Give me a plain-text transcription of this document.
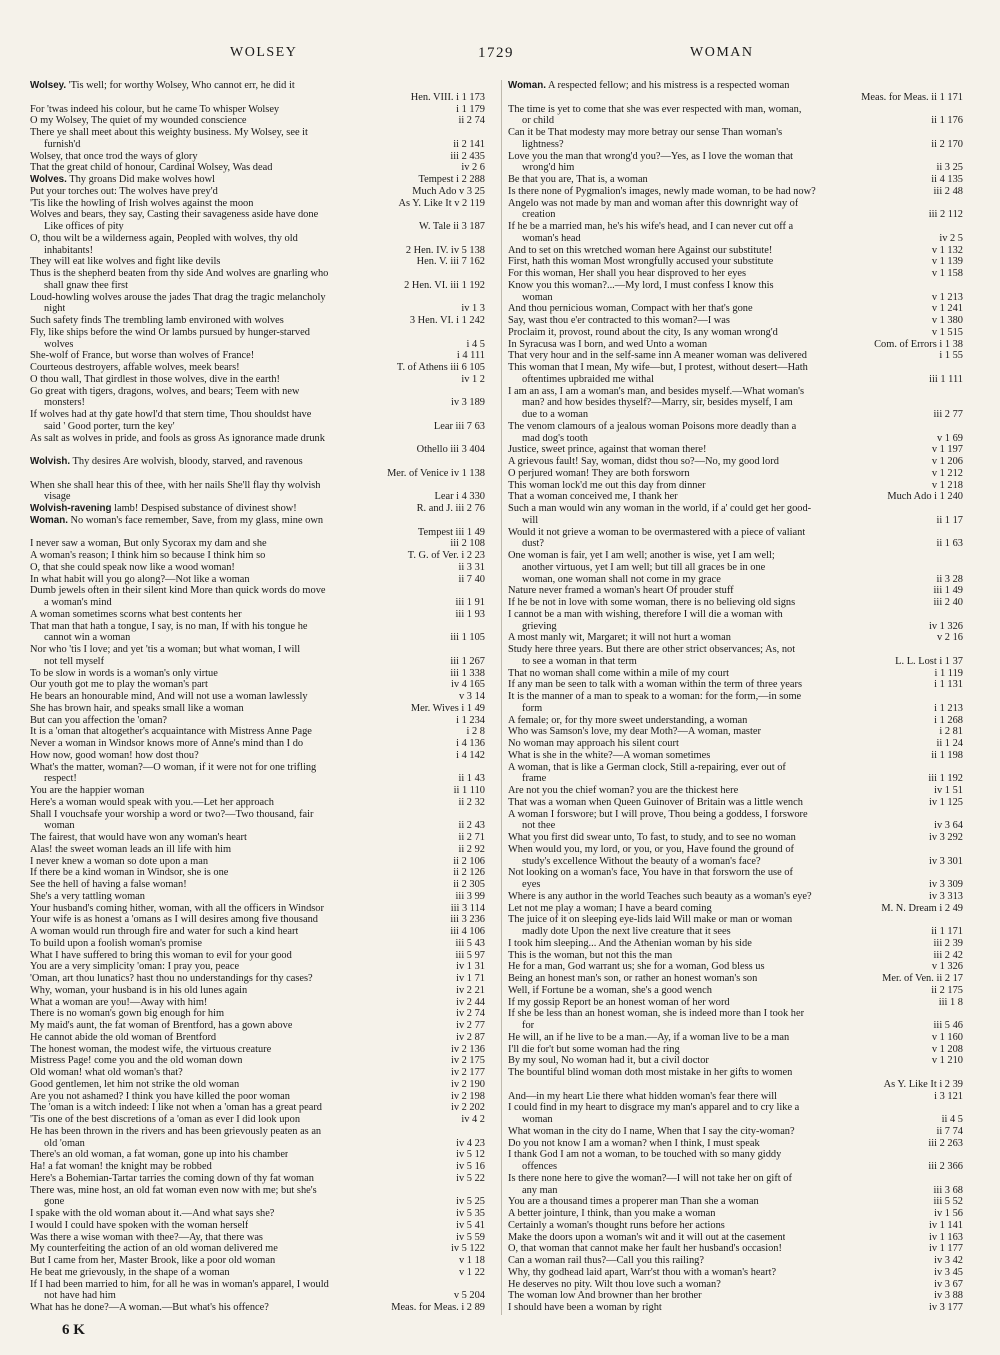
WOLSEY	1729	WOMAN
Wolsey. 'Tis well; for worthy Wolsey, Who cannot err, he did it
Hen. VIII. i 1 173
For 'twas indeed his colour, but he came To whisper Wolsey	i 1 179
O my Wolsey, The quiet of my wounded conscience	ii 2 74
There ye shall meet about this weighty business. My Wolsey, see it
furnish'd	ii 2 141
Wolsey, that once trod the ways of glory	iii 2 435
That the great child of honour, Cardinal Wolsey, Was dead	iv 2 6
Wolves. Thy groans Did make wolves howl	Tempest i 2 288
Put your torches out: The wolves have prey'd	Much Ado v 3 25
'Tis like the howling of Irish wolves against the moon	As Y. Like It v 2 119
Wolves and bears, they say, Casting their savageness aside have done
Like offices of pity	W. Tale ii 3 187
O, thou wilt be a wilderness again, Peopled with wolves, thy old
inhabitants!	2 Hen. IV. iv 5 138
They will eat like wolves and fight like devils	Hen. V. iii 7 162
Thus is the shepherd beaten from thy side And wolves are gnarling who
shall gnaw thee first	2 Hen. VI. iii 1 192
Loud-howling wolves arouse the jades That drag the tragic melancholy
night	iv 1 3
Such safety finds The trembling lamb environed with wolves	3 Hen. VI. i 1 242
Fly, like ships before the wind Or lambs pursued by hunger-starved
wolves	i 4 5
She-wolf of France, but worse than wolves of France!	i 4 111
Courteous destroyers, affable wolves, meek bears!	T. of Athens iii 6 105
O thou wall, That girdlest in those wolves, dive in the earth!	iv 1 2
Go great with tigers, dragons, wolves, and bears; Teem with new
monsters!	iv 3 189
If wolves had at thy gate howl'd that stern time, Thou shouldst have
said ' Good porter, turn the key'	Lear iii 7 63
As salt as wolves in pride, and fools as gross As ignorance made drunk
Othello iii 3 404
Wolvish. Thy desires Are wolvish, bloody, starved, and ravenous
Mer. of Venice iv 1 138
When she shall hear this of thee, with her nails She'll flay thy wolvish
visage	Lear i 4 330
Wolvish-ravening lamb! Despised substance of divinest show!	R. and J. iii 2 76
Woman. No woman's face remember, Save, from my glass, mine own
Tempest iii 1 49
I never saw a woman, But only Sycorax my dam and she	iii 2 108
A woman's reason; I think him so because I think him so	T. G. of Ver. i 2 23
O, that she could speak now like a wood woman!	ii 3 31
In what habit will you go along?—Not like a woman	ii 7 40
Dumb jewels often in their silent kind More than quick words do move
a woman's mind	iii 1 91
A woman sometimes scorns what best contents her	iii 1 93
That man that hath a tongue, I say, is no man, If with his tongue he
cannot win a woman	iii 1 105
Nor who 'tis I love; and yet 'tis a woman; but what woman, I will
not tell myself	iii 1 267
To be slow in words is a woman's only virtue	iii 1 338
Our youth got me to play the woman's part	iv 4 165
He bears an honourable mind, And will not use a woman lawlessly	v 3 14
She has brown hair, and speaks small like a woman	Mer. Wives i 1 49
But can you affection the 'oman?	i 1 234
It is a 'oman that altogether's acquaintance with Mistress Anne Page	i 2 8
Never a woman in Windsor knows more of Anne's mind than I do	i 4 136
How now, good woman! how dost thou?	i 4 142
What's the matter, woman?—O woman, if it were not for one trifling
respect!	ii 1 43
You are the happier woman	ii 1 110
Here's a woman would speak with you.—Let her approach	ii 2 32
Shall I vouchsafe your worship a word or two?—Two thousand, fair
woman	ii 2 43
The fairest, that would have won any woman's heart	ii 2 71
Alas! the sweet woman leads an ill life with him	ii 2 92
I never knew a woman so dote upon a man	ii 2 106
If there be a kind woman in Windsor, she is one	ii 2 126
See the hell of having a false woman!	ii 2 305
She's a very tattling woman	iii 3 99
Your husband's coming hither, woman, with all the officers in Windsor	iii 3 114
Your wife is as honest a 'omans as I will desires among five thousand	iii 3 236
A woman would run through fire and water for such a kind heart	iii 4 106
To build upon a foolish woman's promise	iii 5 43
What I have suffered to bring this woman to evil for your good	iii 5 97
You are a very simplicity 'oman: I pray you, peace	iv 1 31
'Oman, art thou lunatics? hast thou no understandings for thy cases?	iv 1 71
Why, woman, your husband is in his old lunes again	iv 2 21
What a woman are you!—Away with him!	iv 2 44
There is no woman's gown big enough for him	iv 2 74
My maid's aunt, the fat woman of Brentford, has a gown above	iv 2 77
He cannot abide the old woman of Brentford	iv 2 87
The honest woman, the modest wife, the virtuous creature	iv 2 136
Mistress Page! come you and the old woman down	iv 2 175
Old woman! what old woman's that?	iv 2 177
Good gentlemen, let him not strike the old woman	iv 2 190
Are you not ashamed? I think you have killed the poor woman	iv 2 198
The 'oman is a witch indeed: I like not when a 'oman has a great peard	iv 2 202
'Tis one of the best discretions of a 'oman as ever I did look upon	iv 4 2
He has been thrown in the rivers and has been grievously peaten as an
old 'oman	iv 4 23
There's an old woman, a fat woman, gone up into his chamber	iv 5 12
Ha! a fat woman! the knight may be robbed	iv 5 16
Here's a Bohemian-Tartar tarries the coming down of thy fat woman	iv 5 22
There was, mine host, an old fat woman even now with me; but she's
gone	iv 5 25
I spake with the old woman about it.—And what says she?	iv 5 35
I would I could have spoken with the woman herself	iv 5 41
Was there a wise woman with thee?—Ay, that there was	iv 5 59
My counterfeiting the action of an old woman delivered me	iv 5 122
But I came from her, Master Brook, like a poor old woman	v 1 18
He beat me grievously, in the shape of a woman	v 1 22
If I had been married to him, for all he was in woman's apparel, I would
not have had him	v 5 204
What has he done?—A woman.—But what's his offence?	Meas. for Meas. i 2 89
Woman. A respected fellow; and his mistress is a respected woman
Meas. for Meas. ii 1 171
The time is yet to come that she was ever respected with man, woman,
or child	ii 1 176
Can it be That modesty may more betray our sense Than woman's
lightness?	ii 2 170
Love you the man that wrong'd you?—Yes, as I love the woman that
wrong'd him	ii 3 25
Be that you are, That is, a woman	ii 4 135
Is there none of Pygmalion's images, newly made woman, to be had now?	iii 2 48
Angelo was not made by man and woman after this downright way of
creation	iii 2 112
If he be a married man, he's his wife's head, and I can never cut off a
woman's head	iv 2 5
And to set on this wretched woman here Against our substitute!	v 1 132
First, hath this woman Most wrongfully accused your substitute	v 1 139
For this woman, Her shall you hear disproved to her eyes	v 1 158
Know you this woman?...—My lord, I must confess I know this
woman	v 1 213
And thou pernicious woman, Compact with her that's gone	v 1 241
Say, wast thou e'er contracted to this woman?—I was	v 1 380
Proclaim it, provost, round about the city, Is any woman wrong'd	v 1 515
In Syracusa was I born, and wed Unto a woman	Com. of Errors i 1 38
That very hour and in the self-same inn A meaner woman was delivered	i 1 55
This woman that I mean, My wife—but, I protest, without desert—Hath
oftentimes upbraided me withal	iii 1 111
I am an ass, I am a woman's man, and besides myself.—What woman's
man? and how besides thyself?—Marry, sir, besides myself, I am
due to a woman	iii 2 77
The venom clamours of a jealous woman Poisons more deadly than a
mad dog's tooth	v 1 69
Justice, sweet prince, against that woman there!	v 1 197
A grievous fault! Say, woman, didst thou so?—No, my good lord	v 1 206
O perjured woman! They are both forsworn	v 1 212
This woman lock'd me out this day from dinner	v 1 218
That a woman conceived me, I thank her	Much Ado i 1 240
Such a man would win any woman in the world, if a' could get her good-
will	ii 1 17
Would it not grieve a woman to be overmastered with a piece of valiant
dust?	ii 1 63
One woman is fair, yet I am well; another is wise, yet I am well;
another virtuous, yet I am well; but till all graces be in one
woman, one woman shall not come in my grace	ii 3 28
Nature never framed a woman's heart Of prouder stuff	iii 1 49
If he be not in love with some woman, there is no believing old signs	iii 2 40
I cannot be a man with wishing, therefore I will die a woman with
grieving	iv 1 326
A most manly wit, Margaret; it will not hurt a woman	v 2 16
Study here three years. But there are other strict observances; As, not
to see a woman in that term	L. L. Lost i 1 37
That no woman shall come within a mile of my court	i 1 119
If any man be seen to talk with a woman within the term of three years	i 1 131
It is the manner of a man to speak to a woman: for the form,—in some
form	i 1 213
A female; or, for thy more sweet understanding, a woman	i 1 268
Who was Samson's love, my dear Moth?—A woman, master	i 2 81
No woman may approach his silent court	ii 1 24
What is she in the white?—A woman sometimes	ii 1 198
A woman, that is like a German clock, Still a-repairing, ever out of
frame	iii 1 192
Are not you the chief woman? you are the thickest here	iv 1 51
That was a woman when Queen Guinover of Britain was a little wench	iv 1 125
A woman I forswore; but I will prove, Thou being a goddess, I forswore
not thee	iv 3 64
What you first did swear unto, To fast, to study, and to see no woman	iv 3 292
When would you, my lord, or you, or you, Have found the ground of
study's excellence Without the beauty of a woman's face?	iv 3 301
Not looking on a woman's face, You have in that forsworn the use of
eyes	iv 3 309
Where is any author in the world Teaches such beauty as a woman's eye?	iv 3 313
Let not me play a woman; I have a beard coming	M. N. Dream i 2 49
The juice of it on sleeping eye-lids laid Will make or man or woman
madly dote Upon the next live creature that it sees	ii 1 171
I took him sleeping... And the Athenian woman by his side	iii 2 39
This is the woman, but not this the man	iii 2 42
He for a man, God warrant us; she for a woman, God bless us	v 1 326
Being an honest man's son, or rather an honest woman's son	Mer. of Ven. ii 2 17
Well, if Fortune be a woman, she's a good wench	ii 2 175
If my gossip Report be an honest woman of her word	iii 1 8
If she be less than an honest woman, she is indeed more than I took her
for	iii 5 46
He will, an if he live to be a man.—Ay, if a woman live to be a man	v 1 160
I'll die for't but some woman had the ring	v 1 208
By my soul, No woman had it, but a civil doctor	v 1 210
The bountiful blind woman doth most mistake in her gifts to women
As Y. Like It i 2 39
And—in my heart Lie there what hidden woman's fear there will	i 3 121
I could find in my heart to disgrace my man's apparel and to cry like a
woman	ii 4 5
What woman in the city do I name, When that I say the city-woman?	ii 7 74
Do you not know I am a woman? when I think, I must speak	iii 2 263
I thank God I am not a woman, to be touched with so many giddy
offences	iii 2 366
Is there none here to give the woman?—I will not take her on gift of
any man	iii 3 68
You are a thousand times a properer man Than she a woman	iii 5 52
A better jointure, I think, than you make a woman	iv 1 56
Certainly a woman's thought runs before her actions	iv 1 141
Make the doors upon a woman's wit and it will out at the casement	iv 1 163
O, that woman that cannot make her fault her husband's occasion!	iv 1 177
Can a woman rail thus?—Call you this railing?	iv 3 42
Why, thy godhead laid apart, Warr'st thou with a woman's heart?	iv 3 45
He deserves no pity. Wilt thou love such a woman?	iv 3 67
The woman low And browner than her brother	iv 3 88
I should have been a woman by right	iv 3 177
6 K
